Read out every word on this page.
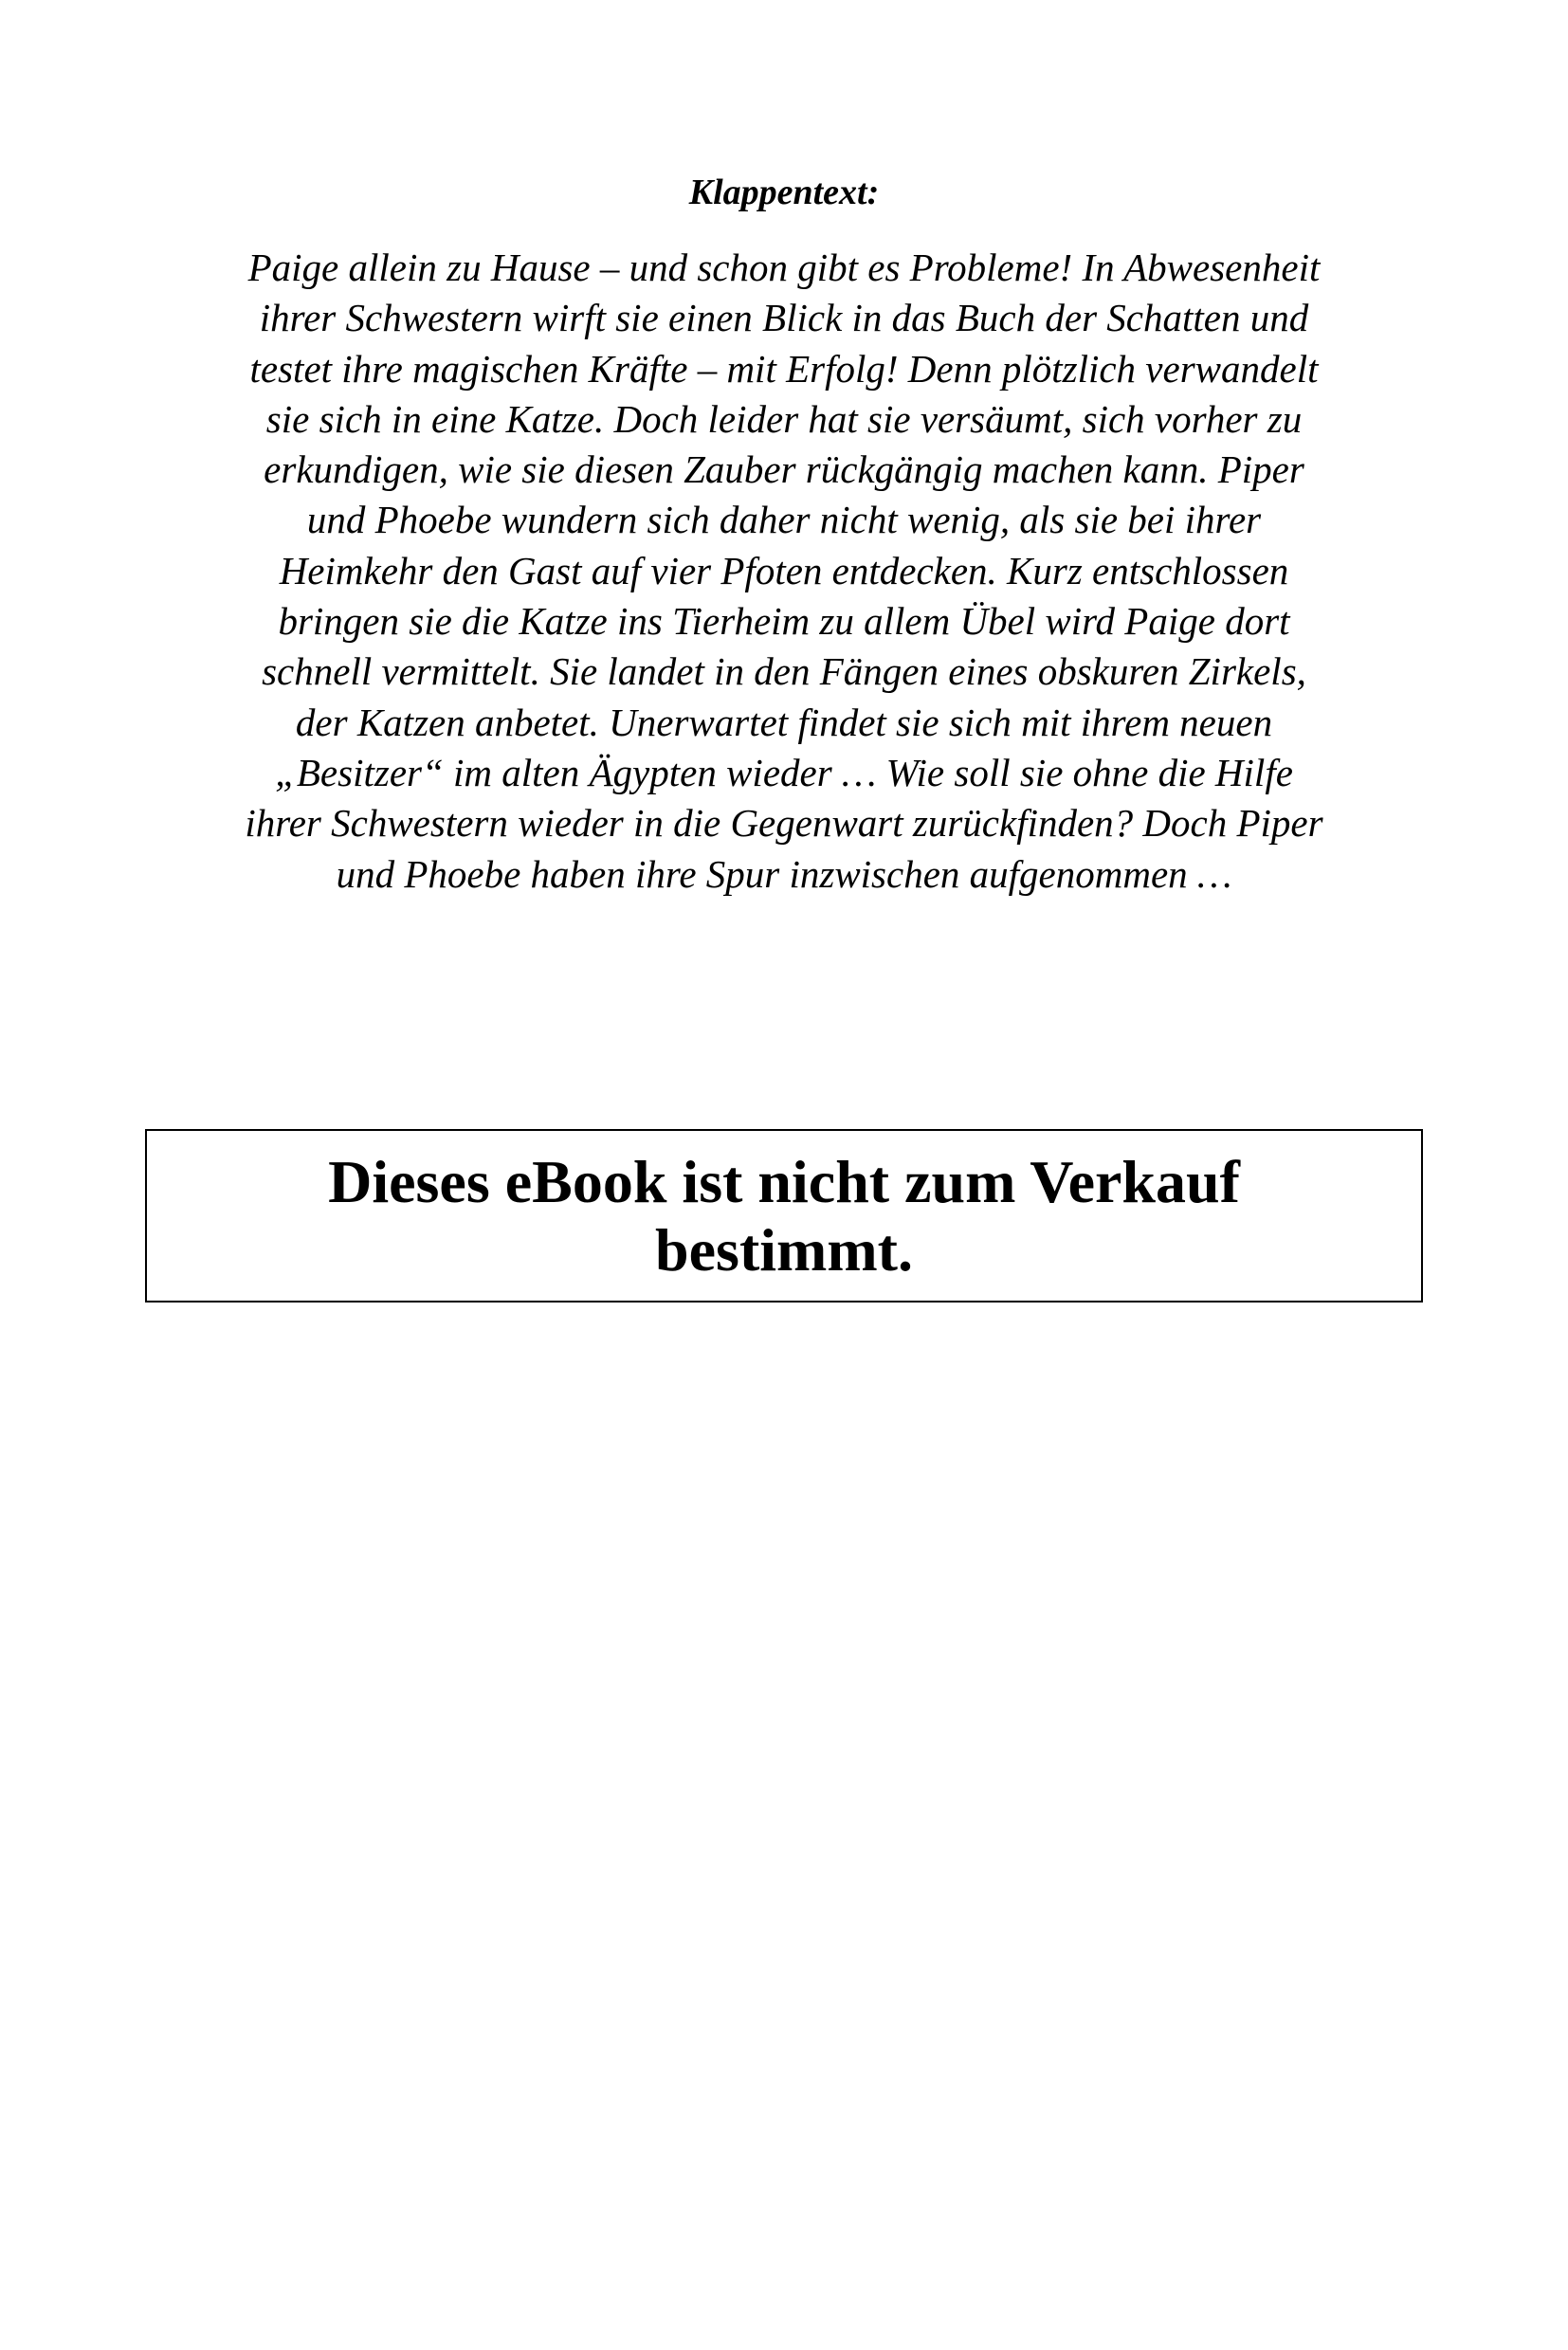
Klappentext:

Paige allein zu Hause – und schon gibt es Probleme! In Abwesenheit
ihrer Schwestern wirft sie einen Blick in das Buch der Schatten und
testet ihre magischen Kräfte – mit Erfolg! Denn plötzlich verwandelt
sie sich in eine Katze. Doch leider hat sie versäumt, sich vorher zu
erkundigen, wie sie diesen Zauber rückgängig machen kann. Piper
und Phoebe wundern sich daher nicht wenig, als sie bei ihrer
Heimkehr den Gast auf vier Pfoten entdecken. Kurz entschlossen
bringen sie die Katze ins Tierheim zu allem Übel wird Paige dort
schnell vermittelt. Sie landet in den Fängen eines obskuren Zirkels,
der Katzen anbetet. Unerwartet findet sie sich mit ihrem neuen
„Besitzer“ im alten Ägypten wieder … Wie soll sie ohne die Hilfe
ihrer Schwestern wieder in die Gegenwart zurückfinden? Doch Piper
und Phoebe haben ihre Spur inzwischen aufgenommen …

Dieses eBook ist nicht zum Verkauf
bestimmt.
